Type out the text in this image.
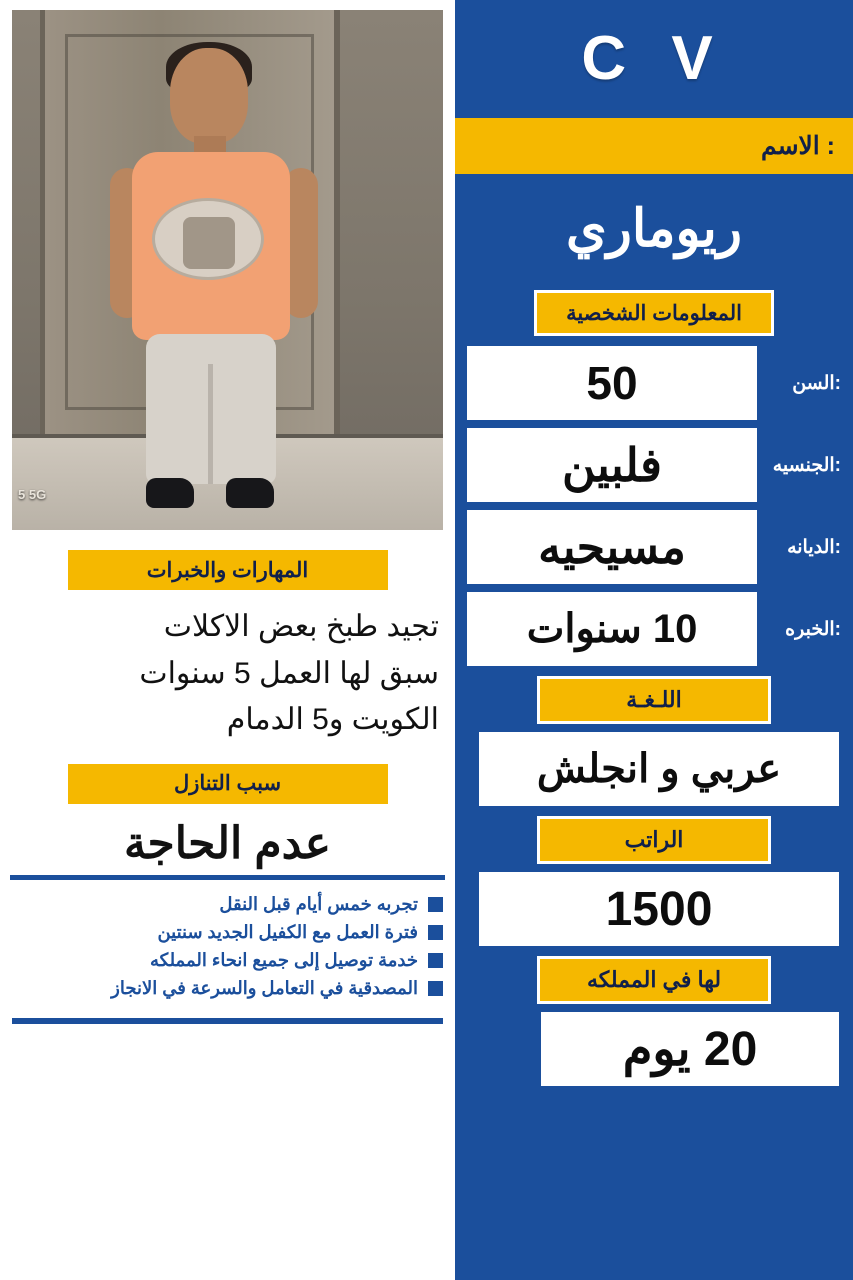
C V
: الاسم
ريوماري
المعلومات الشخصية
:السن
50
:الجنسيه
فلبين
:الديانه
مسيحيه
:الخبره
10 سنوات
اللـغـة
عربي و انجلش
الراتب
1500
لها في المملكه
20 يوم
5 5G
المهارات والخبرات

تجيد طبخ بعض الاكلات

سبق لها العمل 5 سنوات

الكويت و5 الدمام

سبب التنازل
عدم الحاجة
تجربه خمس أيام قبل النقل
فترة العمل مع الكفيل الجديد سنتين
خدمة توصيل إلى جميع انحاء المملكه
المصدقية في التعامل والسرعة في الانجاز
